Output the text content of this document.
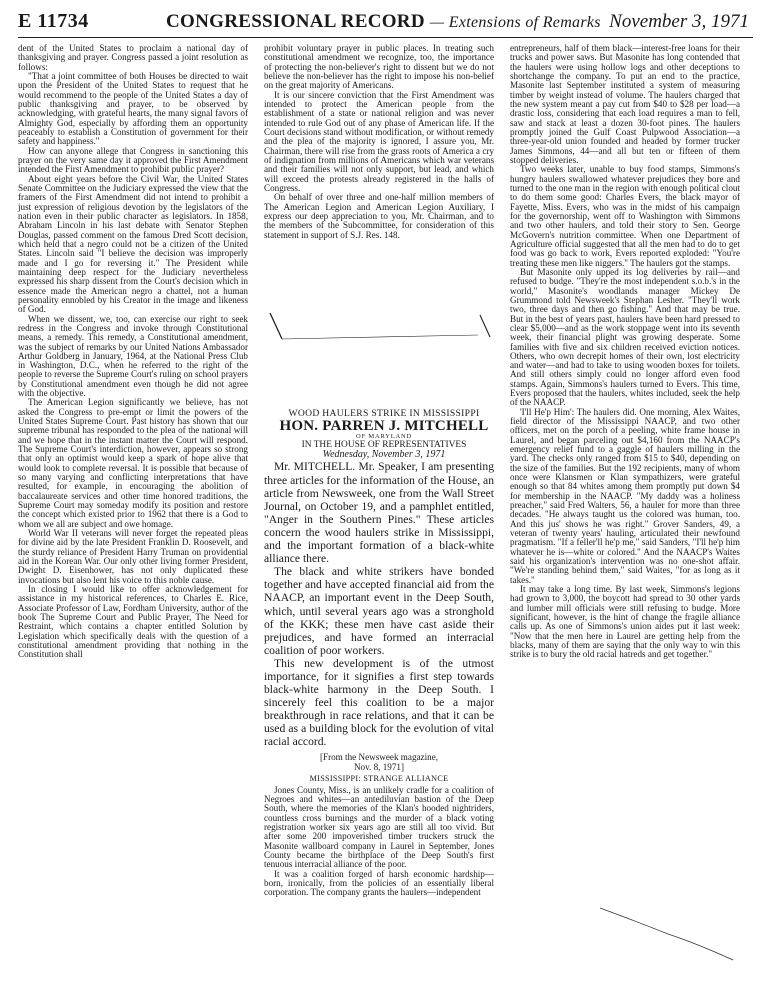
E 11734	CONGRESSIONAL RECORD — Extensions of Remarks November 3, 1971

dent of the United States to proclaim a national day of thanksgiving and prayer. Congress passed a joint resolution as follows:

"That a joint committee of both Houses be directed to wait upon the President of the United States to request that he would recommend to the people of the United States a day of public thanksgiving and prayer, to be observed by acknowledging, with grateful hearts, the many signal favors of Almighty God, especially by affording them an opportunity peaceably to establish a Constitution of government for their safety and happiness."

How can anyone allege that Congress in sanctioning this prayer on the very same day it approved the First Amendment intended the First Amendment to prohibit public prayer?

About eight years before the Civil War, the United States Senate Committee on the Judiciary expressed the view that the framers of the First Amendment did not intend to prohibit a just expression of religious devotion by the legislators of the nation even in their public character as legislators. In 1858, Abraham Lincoln in his last debate with Senator Stephen Douglas, passed comment on the famous Dred Scott decision, which held that a negro could not be a citizen of the United States. Lincoln said "I believe the decision was improperly made and I go for reversing it." The President while maintaining deep respect for the Judiciary nevertheless expressed his sharp dissent from the Court's decision which in essence made the American negro a chattel, not a human personality ennobled by his Creator in the image and likeness of God.

When we dissent, we, too, can exercise our right to seek redress in the Congress and invoke through Constitutional means, a remedy. This remedy, a Constitutional amendment, was the subject of remarks by our United Nations Ambassador Arthur Goldberg in January, 1964, at the National Press Club in Washington, D.C., when he referred to the right of the people to reverse the Supreme Court's ruling on school prayers by Constitutional amendment even though he did not agree with the objective.

The American Legion significantly we believe, has not asked the Congress to pre-empt or limit the powers of the United States Supreme Court. Past history has shown that our supreme tribunal has responded to the plea of the national will and we hope that in the instant matter the Court will respond. The Supreme Court's interdiction, however, appears so strong that only an optimist would keep a spark of hope alive that would look to complete reversal. It is possible that because of so many varying and conflicting interpretations that have resulted, for example, in encouraging the abolition of baccalaureate services and other time honored traditions, the Supreme Court may someday modify its position and restore the concept which existed prior to 1962 that there is a God to whom we all are subject and owe homage.

World War II veterans will never forget the repeated pleas for divine aid by the late President Franklin D. Roosevelt, and the sturdy reliance of President Harry Truman on providential aid in the Korean War. Our only other living former President, Dwight D. Eisenhower, has not only duplicated these invocations but also lent his voice to this noble cause.

In closing I would like to offer acknowledgement for assistance in my historical references, to Charles E. Rice, Associate Professor of Law, Fordham University, author of the book The Supreme Court and Public Prayer, The Need for Restraint, which contains a chapter entitled Solution by Legislation which specifically deals with the question of a constitutional amendment providing that nothing in the Constitution shall

prohibit voluntary prayer in public places. In treating such constitutional amendment we recognize, too, the importance of protecting the non-believer's right to dissent but we do not believe the non-believer has the right to impose his non-belief on the great majority of Americans.

It is our sincere conviction that the First Amendment was intended to protect the American people from the establishment of a state or national religion and was never intended to rule God out of any phase of American life. If the Court decisions stand without modification, or without remedy and the plea of the majority is ignored, I assure you, Mr. Chairman, there will rise from the grass roots of America a cry of indignation from millions of Americans which war veterans and their families will not only support, but lead, and which will exceed the protests already registered in the halls of Congress.

On behalf of over three and one-half million members of The American Legion and American Legion Auxiliary, I express our deep appreciation to you, Mr. Chairman, and to the members of the Subcommittee, for consideration of this statement in support of S.J. Res. 148.

WOOD HAULERS STRIKE IN MISSISSIPPI

HON. PARREN J. MITCHELL

OF MARYLAND

IN THE HOUSE OF REPRESENTATIVES

Wednesday, November 3, 1971

Mr. MITCHELL. Mr. Speaker, I am presenting three articles for the information of the House, an article from Newsweek, one from the Wall Street Journal, on October 19, and a pamphlet entitled, "Anger in the Southern Pines." These articles concern the wood haulers strike in Mississippi, and the important formation of a black-white alliance there.

The black and white strikers have bonded together and have accepted financial aid from the NAACP, an important event in the Deep South, which, until several years ago was a stronghold of the KKK; these men have cast aside their prejudices, and have formed an interracial coalition of poor workers.

This new development is of the utmost importance, for it signifies a first step towards black-white harmony in the Deep South. I sincerely feel this coalition to be a major breakthrough in race relations, and that it can be used as a building block for the evolution of vital racial accord.

[From the Newsweek magazine,

Nov. 8, 1971]

MISSISSIPPI: STRANGE ALLIANCE

Jones County, Miss., is an unlikely cradle for a coalition of Negroes and whites—an antediluvian bastion of the Deep South, where the memories of the Klan's hooded nightriders, countless cross burnings and the murder of a black voting registration worker six years ago are still all too vivid. But after some 200 impoverished timber truckers struck the Masonite wallboard company in Laurel in September, Jones County became the birthplace of the Deep South's first tenuous interracial alliance of the poor.

It was a coalition forged of harsh economic hardship—born, ironically, from the policies of an essentially liberal corporation. The company grants the haulers—independent

entrepreneurs, half of them black—interest-free loans for their trucks and power saws. But Masonite has long contended that the haulers were using hollow logs and other deceptions to shortchange the company. To put an end to the practice, Masonite last September instituted a system of measuring timber by weight instead of volume. The haulers charged that the new system meant a pay cut from $40 to $28 per load—a drastic loss, considering that each load requires a man to fell, saw and stack at least a dozen 30-foot pines. The haulers promptly joined the Gulf Coast Pulpwood Association—a three-year-old union founded and headed by former trucker James Simmons, 44—and all but ten or fifteen of them stopped deliveries.

Two weeks later, unable to buy food stamps, Simmons's hungry haulers swallowed whatever prejudices they bore and turned to the one man in the region with enough political clout to do them some good: Charles Evers, the black mayor of Fayette, Miss. Evers, who was in the midst of his campaign for the governorship, went off to Washington with Simmons and two other haulers, and told their story to Sen. George McGovern's nutrition committee. When one Department of Agriculture official suggested that all the men had to do to get food was go back to work, Evers reported exploded: "You're treating these men like niggers." The haulers got the stamps.

But Masonite only upped its log deliveries by rail—and refused to budge. "They're the most independent s.o.b.'s in the world," Masonite's woodlands manager Mickey De Grummond told Newsweek's Stephan Lesher. "They'll work two, three days and then go fishing." And that may be true. But in the best of years past, haulers have been hard pressed to clear $5,000—and as the work stoppage went into its seventh week, their financial plight was growing desperate. Some families with five and six children received eviction notices. Others, who own decrepit homes of their own, lost electricity and water—and had to take to using wooden boxes for toilets. And still others simply could no longer afford even food stamps. Again, Simmons's haulers turned to Evers. This time, Evers proposed that the haulers, whites included, seek the help of the NAACP.

'I'll He'p Him': The haulers did. One morning, Alex Waites, field director of the Mississippi NAACP, and two other officers, met on the porch of a peeling, white frame house in Laurel, and began parceling out $4,160 from the NAACP's emergency relief fund to a gaggle of haulers milling in the yard. The checks only ranged from $15 to $40, depending on the size of the families. But the 192 recipients, many of whom once were Klansmen or Klan sympathizers, were grateful enough so that 84 whites among them promptly put down $4 for membership in the NAACP. "My daddy was a holiness preacher," said Fred Walters, 56, a hauler for more than three decades. "He always taught us the colored was human, too. And this jus' shows he was right." Grover Sanders, 49, a veteran of twenty years' hauling, articulated their newfound pragmatism. "If a feller'll he'p me," said Sanders, "I'll he'p him whatever he is—white or colored." And the NAACP's Waites said his organization's intervention was no one-shot affair. "We're standing behind them," said Waites, "for as long as it takes."

It may take a long time. By last week, Simmons's legions had grown to 3,000, the boycott had spread to 30 other yards and lumber mill officials were still refusing to budge. More significant, however, is the hint of change the fragile alliance calls up. As one of Simmons's union aides put it last week: "Now that the men here in Laurel are getting help from the blacks, many of them are saying that the only way to win this strike is to bury the old racial hatreds and get together."
